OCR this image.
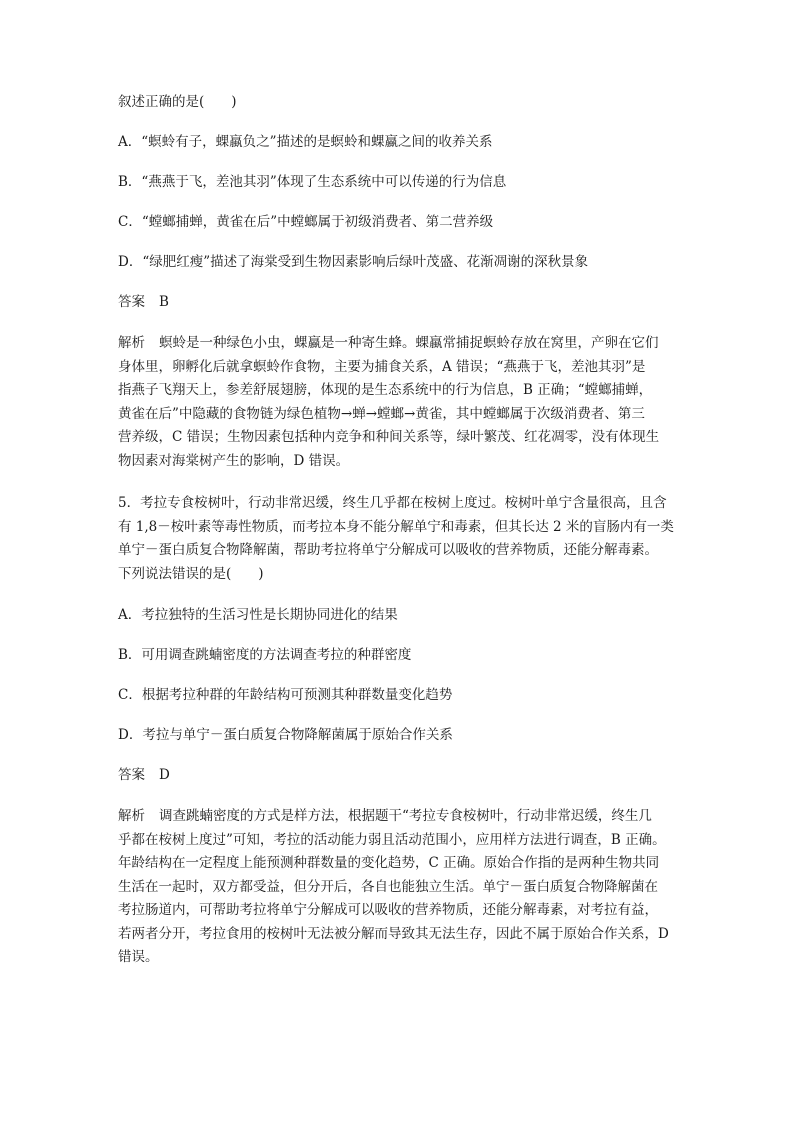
叙述正确的是(　　)

A．“螟蛉有子，蜾蠃负之”描述的是螟蛉和蜾蠃之间的收养关系

B．“燕燕于飞，差池其羽”体现了生态系统中可以传递的行为信息

C．“螳螂捕蝉，黄雀在后”中螳螂属于初级消费者、第二营养级

D．“绿肥红瘦”描述了海棠受到生物因素影响后绿叶茂盛、花渐凋谢的深秋景象

答案 B

解析 螟蛉是一种绿色小虫，蜾蠃是一种寄生蜂。蜾蠃常捕捉螟蛉存放在窝里，产卵在它们

身体里，卵孵化后就拿螟蛉作食物，主要为捕食关系，A 错误；“燕燕于飞，差池其羽”是

指燕子飞翔天上，参差舒展翅膀，体现的是生态系统中的行为信息，B 正确；“螳螂捕蝉，

黄雀在后”中隐藏的食物链为绿色植物→蝉→螳螂→黄雀，其中螳螂属于次级消费者、第三

营养级，C 错误；生物因素包括种内竞争和种间关系等，绿叶繁茂、红花凋零，没有体现生

物因素对海棠树产生的影响，D 错误。

5．考拉专食桉树叶，行动非常迟缓，终生几乎都在桉树上度过。桉树叶单宁含量很高，且含

有 1,8－桉叶素等毒性物质，而考拉本身不能分解单宁和毒素，但其长达 2 米的盲肠内有一类

单宁－蛋白质复合物降解菌，帮助考拉将单宁分解成可以吸收的营养物质，还能分解毒素。

下列说法错误的是(　　)

A．考拉独特的生活习性是长期协同进化的结果

B．可用调查跳蝻密度的方法调查考拉的种群密度

C．根据考拉种群的年龄结构可预测其种群数量变化趋势

D．考拉与单宁－蛋白质复合物降解菌属于原始合作关系

答案 D

解析 调查跳蝻密度的方式是样方法，根据题干“考拉专食桉树叶，行动非常迟缓，终生几

乎都在桉树上度过”可知，考拉的活动能力弱且活动范围小，应用样方法进行调查，B 正确。

年龄结构在一定程度上能预测种群数量的变化趋势，C 正确。原始合作指的是两种生物共同

生活在一起时，双方都受益，但分开后，各自也能独立生活。单宁－蛋白质复合物降解菌在

考拉肠道内，可帮助考拉将单宁分解成可以吸收的营养物质，还能分解毒素，对考拉有益，

若两者分开，考拉食用的桉树叶无法被分解而导致其无法生存，因此不属于原始合作关系，D

错误。
